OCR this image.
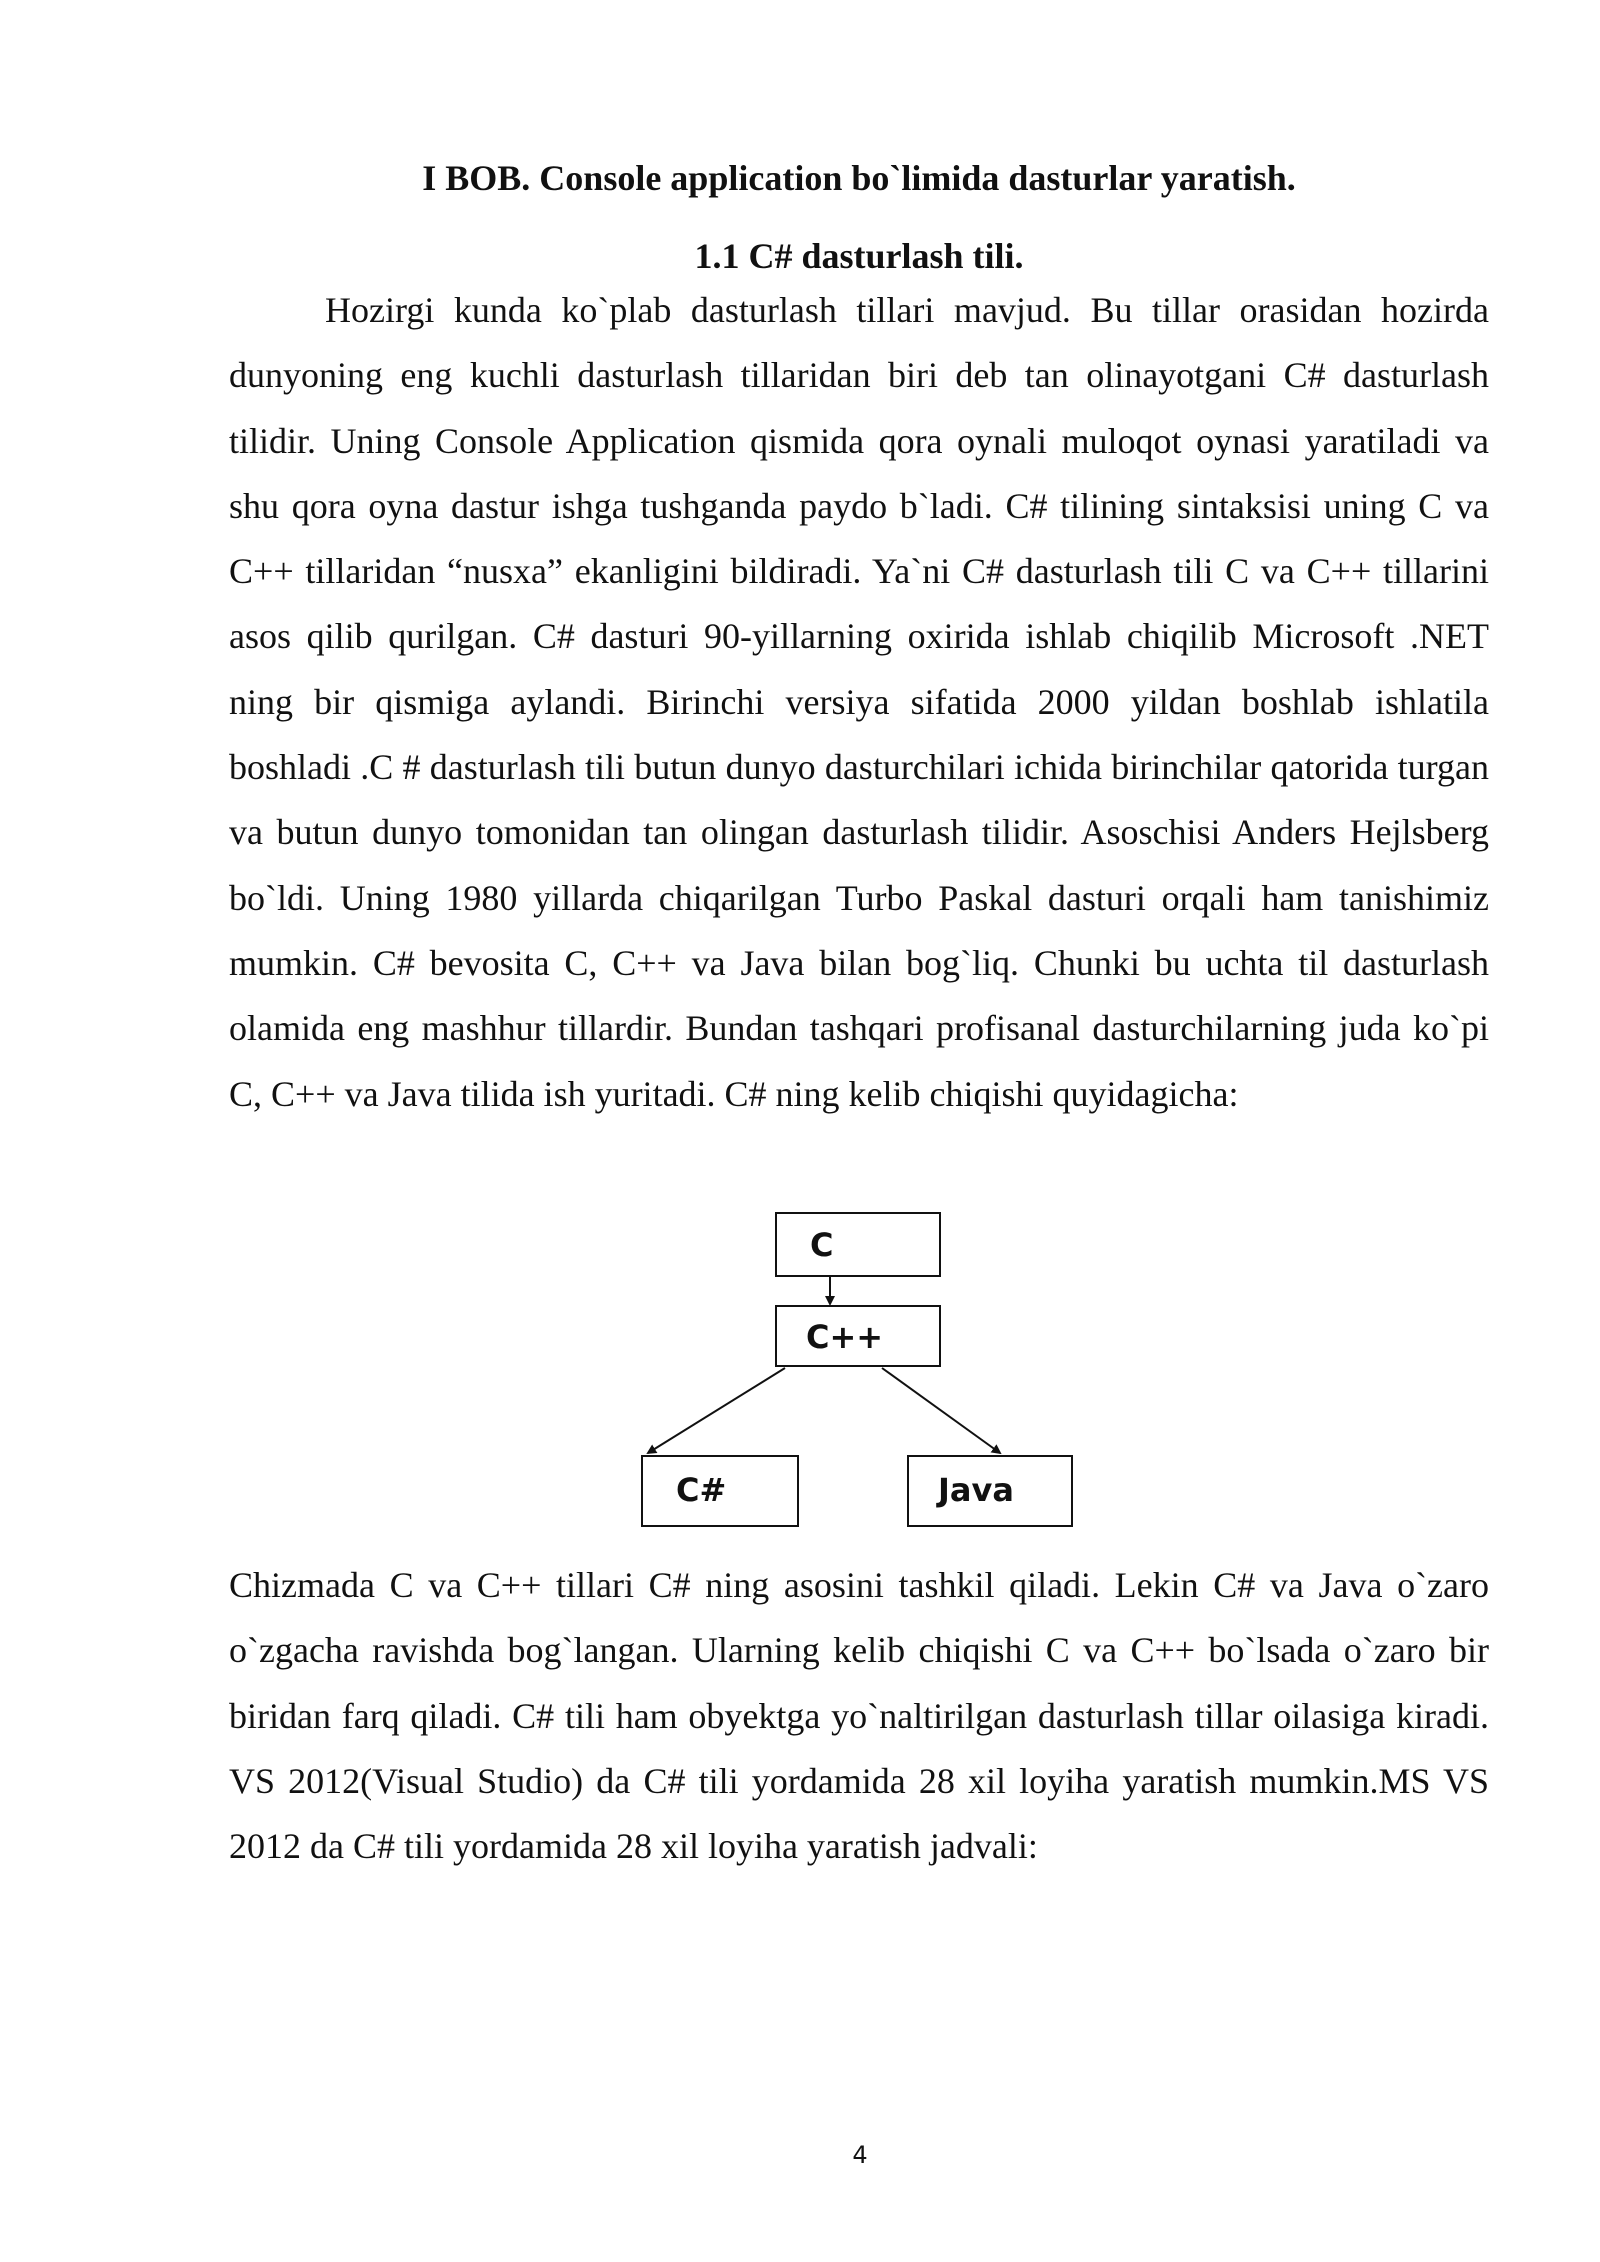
I BOB. Console application bo`limida dasturlar yaratish.
1.1 C# dasturlash tili.

Hozirgi kunda ko`plab dasturlash tillari mavjud. Bu tillar orasidan hozirda dunyoning eng kuchli dasturlash tillaridan biri deb tan olinayotgani C# dasturlash tilidir. Uning Console Application qismida qora oynali muloqot oynasi yaratiladi va shu qora oyna dastur ishga tushganda paydo b`ladi. C# tilining sintaksisi uning C va C++ tillaridan “nusxa” ekanligini bildiradi. Ya`ni C# dasturlash tili C va C++ tillarini asos qilib qurilgan. C# dasturi 90-yillarning oxirida ishlab chiqilib Microsoft .NET ning bir qismiga aylandi. Birinchi versiya sifatida 2000 yildan boshlab ishlatila boshladi .C # dasturlash tili butun dunyo dasturchilari ichida birinchilar qatorida turgan va butun dunyo tomonidan tan olingan dasturlash tilidir. Asoschisi Anders Hejlsberg bo`ldi. Uning 1980 yillarda chiqarilgan Turbo Paskal dasturi orqali ham tanishimiz mumkin. C# bevosita C, C++ va Java bilan bog`liq. Chunki bu uchta til dasturlash olamida eng mashhur tillardir. Bundan tashqari profisanal dasturchilarning juda ko`pi C, C++ va Java tilida ish yuritadi. C# ning kelib chiqishi quyidagicha:

C
C++
C#	Java

Chizmada C va C++ tillari C# ning asosini tashkil qiladi. Lekin C# va Java o`zaro o`zgacha ravishda bog`langan. Ularning kelib chiqishi C va C++ bo`lsada o`zaro bir biridan farq qiladi. C# tili ham obyektga yo`naltirilgan dasturlash tillar oilasiga kiradi. VS 2012(Visual Studio) da C# tili yordamida 28 xil loyiha yaratish mumkin.MS VS 2012 da C# tili yordamida 28 xil loyiha yaratish jadvali:

4
